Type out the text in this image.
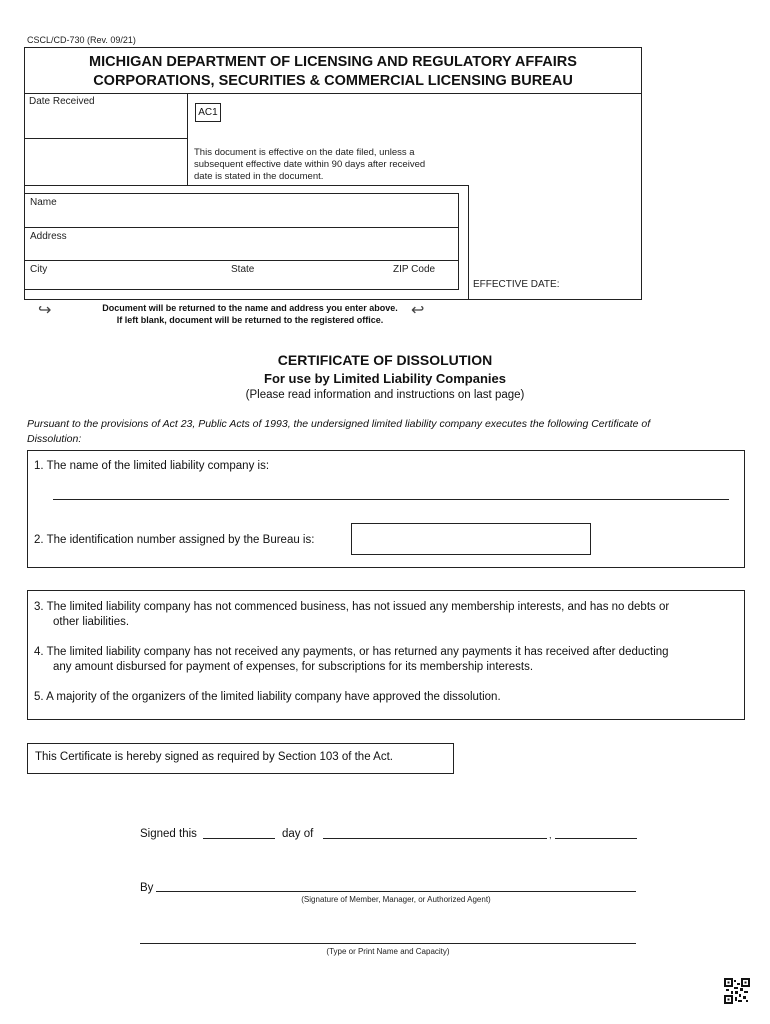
CSCL/CD-730 (Rev. 09/21)
MICHIGAN DEPARTMENT OF LICENSING AND REGULATORY AFFAIRS
CORPORATIONS, SECURITIES & COMMERCIAL LICENSING BUREAU
Date Received
AC1
This document is effective on the date filed, unless a
subsequent effective date within 90 days after received
date is stated in the document.
EFFECTIVE DATE:
Name
Address
City	State	ZIP Code
↪	Document will be returned to the name and address you enter above.
If left blank, document will be returned to the registered office.
↩
CERTIFICATE OF DISSOLUTION
For use by Limited Liability Companies
(Please read information and instructions on last page)
Pursuant to the provisions of Act 23, Public Acts of 1993, the undersigned limited liability company executes the following Certificate of
Dissolution:
1. The name of the limited liability company is:
2. The identification number assigned by the Bureau is:
3. The limited liability company has not commenced business, has not issued any membership interests, and has no debts or
other liabilities.
4. The limited liability company has not received any payments, or has returned any payments it has received after deducting
any amount disbursed for payment of expenses, for subscriptions for its membership interests.
5. A majority of the organizers of the limited liability company have approved the dissolution.
This Certificate is hereby signed as required by Section 103 of the Act.
Signed this	day of	,
By
(Signature of Member, Manager, or Authorized Agent)
(Type or Print Name and Capacity)
